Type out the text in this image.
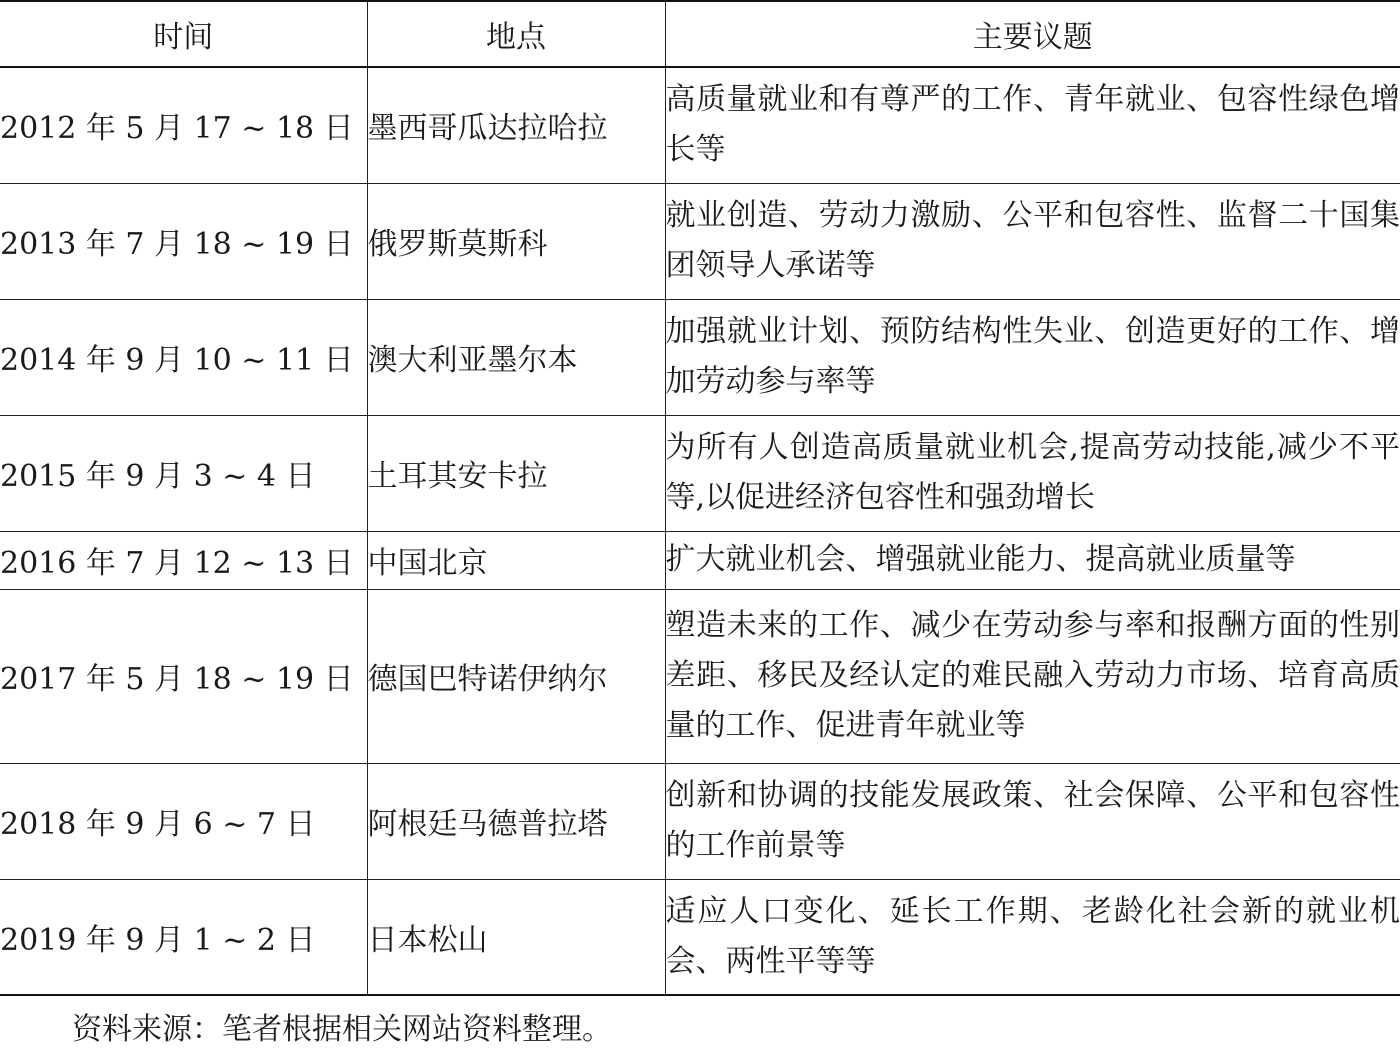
时间	地点	主要议题
2012 年 5 月 17 ~ 18 日	墨西哥瓜达拉哈拉	高质量就业和有尊严的工作、青年就业、包容性绿色增长等
2013 年 7 月 18 ~ 19 日	俄罗斯莫斯科	就业创造、劳动力激励、公平和包容性、监督二十国集团领导人承诺等
2014 年 9 月 10 ~ 11 日	澳大利亚墨尔本	加强就业计划、预防结构性失业、创造更好的工作、增加劳动参与率等
2015 年 9 月 3 ~ 4 日	土耳其安卡拉	为所有人创造高质量就业机会,提高劳动技能,减少不平等,以促进经济包容性和强劲增长
2016 年 7 月 12 ~ 13 日	中国北京	扩大就业机会、增强就业能力、提高就业质量等
2017 年 5 月 18 ~ 19 日	德国巴特诺伊纳尔	塑造未来的工作、减少在劳动参与率和报酬方面的性别差距、移民及经认定的难民融入劳动力市场、培育高质量的工作、促进青年就业等
2018 年 9 月 6 ~ 7 日	阿根廷马德普拉塔	创新和协调的技能发展政策、社会保障、公平和包容性的工作前景等
2019 年 9 月 1 ~ 2 日	日本松山	适应人口变化、延长工作期、老龄化社会新的就业机会、两性平等等
资料来源：笔者根据相关网站资料整理。
